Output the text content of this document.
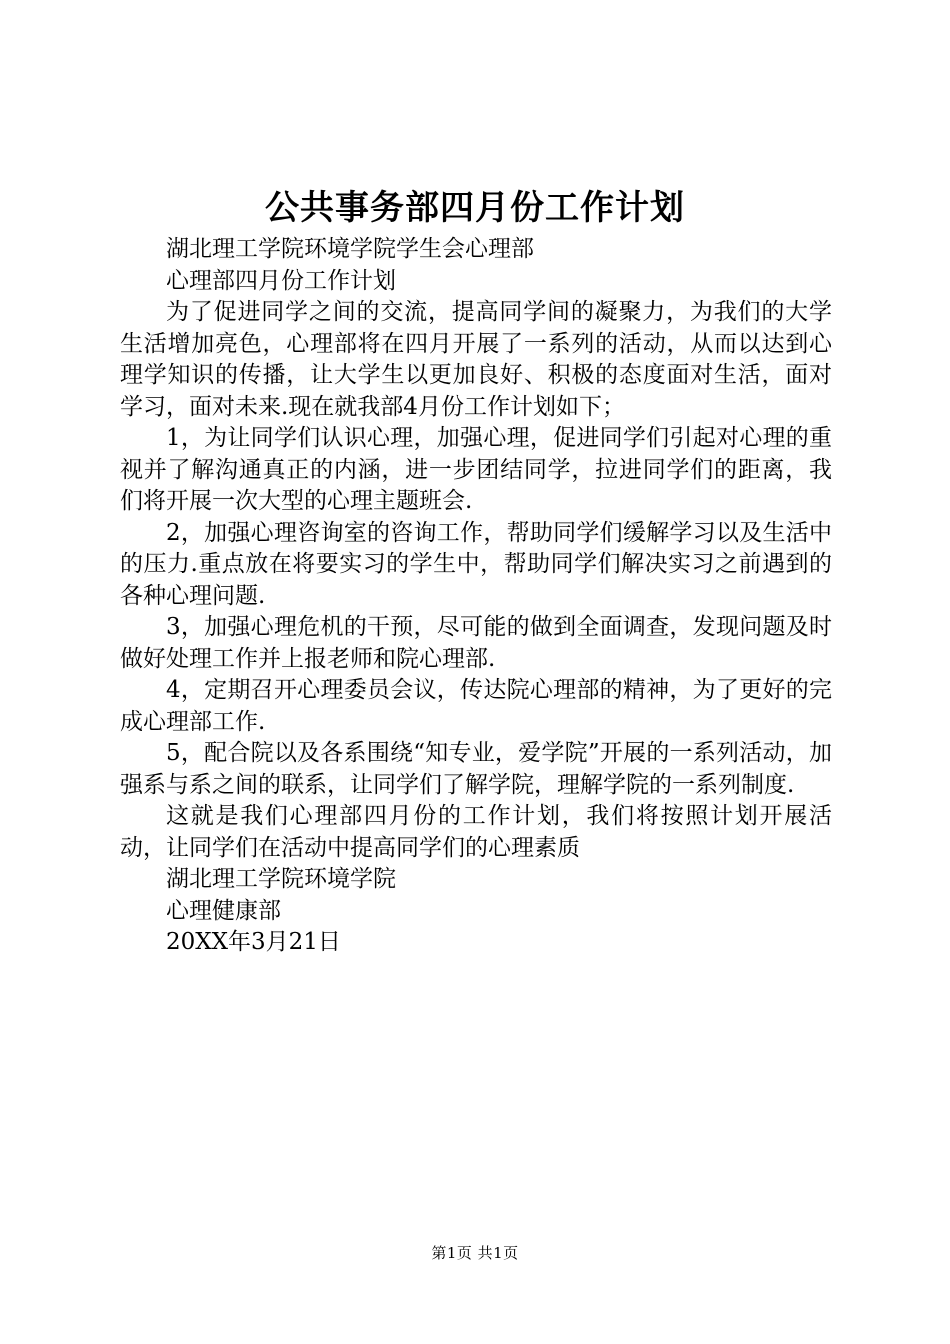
公共事务部四月份工作计划

湖北理工学院环境学院学生会心理部

心理部四月份工作计划

为了促进同学之间的交流，提高同学间的凝聚力，为我们的大学生活增加亮色，心理部将在四月开展了一系列的活动，从而以达到心理学知识的传播，让大学生以更加良好、积极的态度面对生活，面对学习，面对未来.现在就我部4月份工作计划如下；

1，为让同学们认识心理，加强心理，促进同学们引起对心理的重视并了解沟通真正的内涵，进一步团结同学，拉进同学们的距离，我们将开展一次大型的心理主题班会.

2，加强心理咨询室的咨询工作，帮助同学们缓解学习以及生活中的压力.重点放在将要实习的学生中，帮助同学们解决实习之前遇到的各种心理问题.

3，加强心理危机的干预，尽可能的做到全面调查，发现问题及时做好处理工作并上报老师和院心理部.

4，定期召开心理委员会议，传达院心理部的精神，为了更好的完成心理部工作.

5，配合院以及各系围绕“知专业，爱学院”开展的一系列活动，加强系与系之间的联系，让同学们了解学院，理解学院的一系列制度.

这就是我们心理部四月份的工作计划，我们将按照计划开展活动，让同学们在活动中提高同学们的心理素质

湖北理工学院环境学院

心理健康部

20XX年3月21日

第1页 共1页
